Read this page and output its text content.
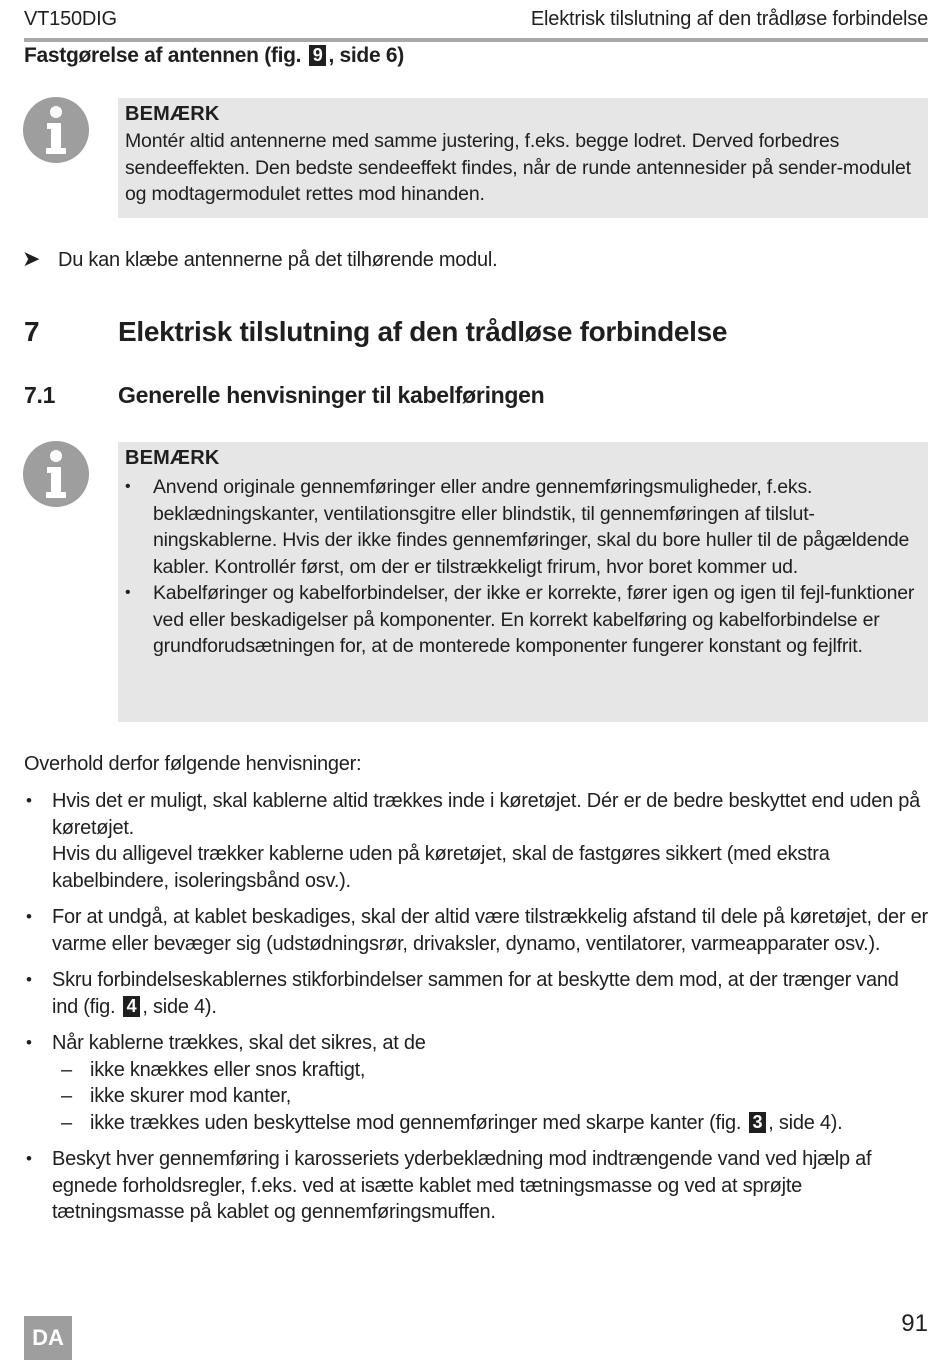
VT150DIG	Elektrisk tilslutning af den trådløse forbindelse
Fastgørelse af antennen (fig. 9 , side 6)
BEMÆRK
Montér altid antennerne med samme justering, f.eks. begge lodret. Derved forbedres sendeeffekten. Den bedste sendeeffekt findes, når de runde antennesider på sender-modulet og modtagermodulet rettes mod hinanden.
➤ Du kan klæbe antennerne på det tilhørende modul.
7	Elektrisk tilslutning af den trådløse forbindelse
7.1	Generelle henvisninger til kabelføringen
BEMÆRK
• Anvend originale gennemføringer eller andre gennemføringsmuligheder, f.eks. beklædningskanter, ventilationsgitre eller blindstik, til gennemføringen af tilslut-ningskablerne. Hvis der ikke findes gennemføringer, skal du bore huller til de pågældende kabler. Kontrollér først, om der er tilstrækkeligt frirum, hvor boret kommer ud.
• Kabelføringer og kabelforbindelser, der ikke er korrekte, fører igen og igen til fejl-funktioner ved eller beskadigelser på komponenter. En korrekt kabelføring og kabelforbindelse er grundforudsætningen for, at de monterede komponenter fungerer konstant og fejlfrit.
Overhold derfor følgende henvisninger:
• Hvis det er muligt, skal kablerne altid trækkes inde i køretøjet. Dér er de bedre beskyttet end uden på køretøjet.
Hvis du alligevel trækker kablerne uden på køretøjet, skal de fastgøres sikkert (med ekstra kabelbindere, isoleringsbånd osv.).
• For at undgå, at kablet beskadiges, skal der altid være tilstrækkelig afstand til dele på køretøjet, der er varme eller bevæger sig (udstødningsrør, drivaksler, dynamo, ventilatorer, varmeapparater osv.).
• Skru forbindelseskablernes stikforbindelser sammen for at beskytte dem mod, at der trænger vand ind (fig. 4 , side 4).
• Når kablerne trækkes, skal det sikres, at de
– ikke knækkes eller snos kraftigt,
– ikke skurer mod kanter,
– ikke trækkes uden beskyttelse mod gennemføringer med skarpe kanter (fig. 3 , side 4).
• Beskyt hver gennemføring i karosseriets yderbeklædning mod indtrængende vand ved hjælp af egnede forholdsregler, f.eks. ved at isætte kablet med tætningsmasse og ved at sprøjte tætningsmasse på kablet og gennemføringsmuffen.
DA
91
